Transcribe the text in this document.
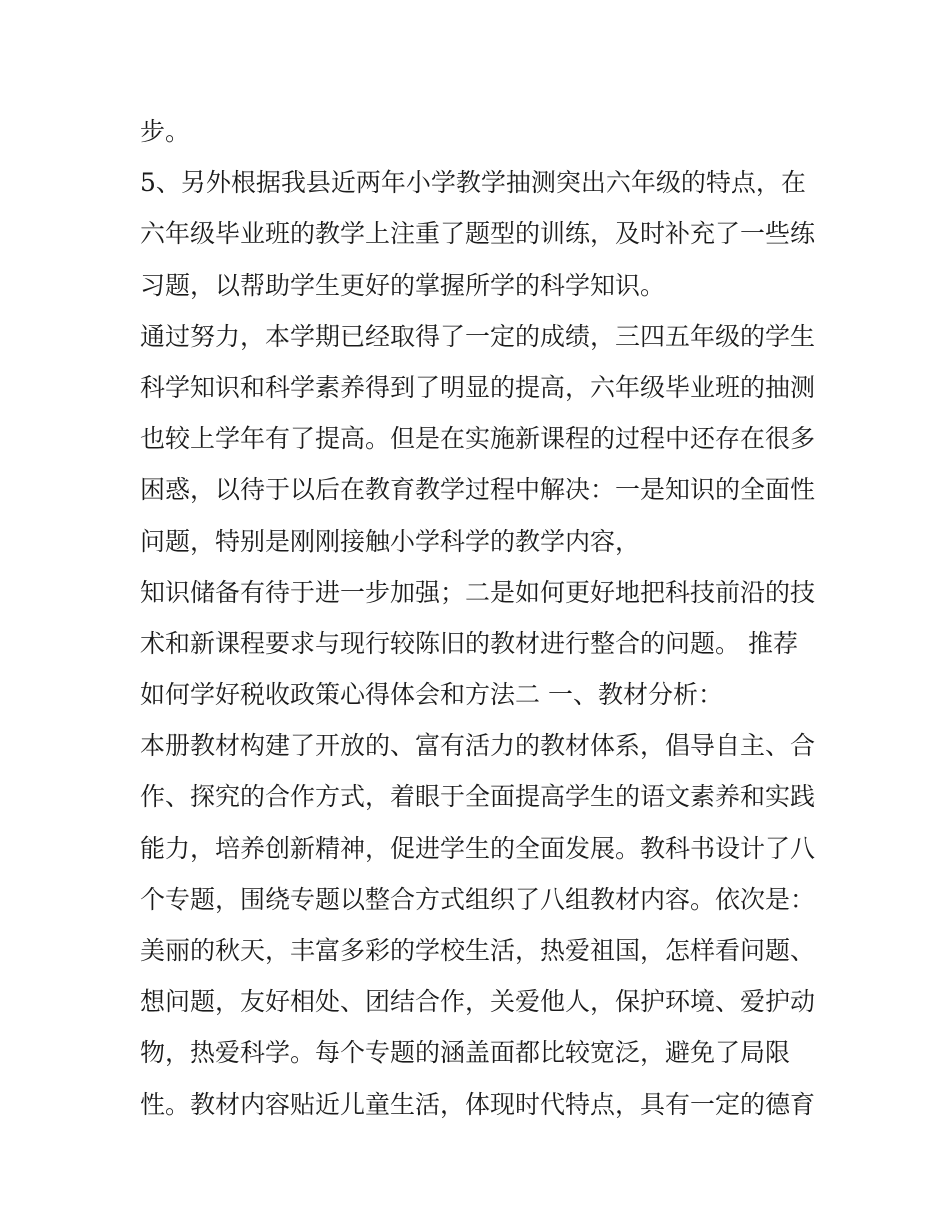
步。
5、另外根据我县近两年小学教学抽测突出六年级的特点，在
六年级毕业班的教学上注重了题型的训练，及时补充了一些练
习题，以帮助学生更好的掌握所学的科学知识。
通过努力，本学期已经取得了一定的成绩，三四五年级的学生
科学知识和科学素养得到了明显的提高，六年级毕业班的抽测
也较上学年有了提高。但是在实施新课程的过程中还存在很多
困惑，以待于以后在教育教学过程中解决：一是知识的全面性
问题，特别是刚刚接触小学科学的教学内容，
知识储备有待于进一步加强；二是如何更好地把科技前沿的技
术和新课程要求与现行较陈旧的教材进行整合的问题。 推荐
如何学好税收政策心得体会和方法二 一、教材分析：
本册教材构建了开放的、富有活力的教材体系，倡导自主、合
作、探究的合作方式，着眼于全面提高学生的语文素养和实践
能力，培养创新精神，促进学生的全面发展。教科书设计了八
个专题，围绕专题以整合方式组织了八组教材内容。依次是：
美丽的秋天，丰富多彩的学校生活，热爱祖国，怎样看问题、
想问题，友好相处、团结合作，关爱他人，保护环境、爱护动
物，热爱科学。每个专题的涵盖面都比较宽泛，避免了局限
性。教材内容贴近儿童生活，体现时代特点，具有一定的德育
